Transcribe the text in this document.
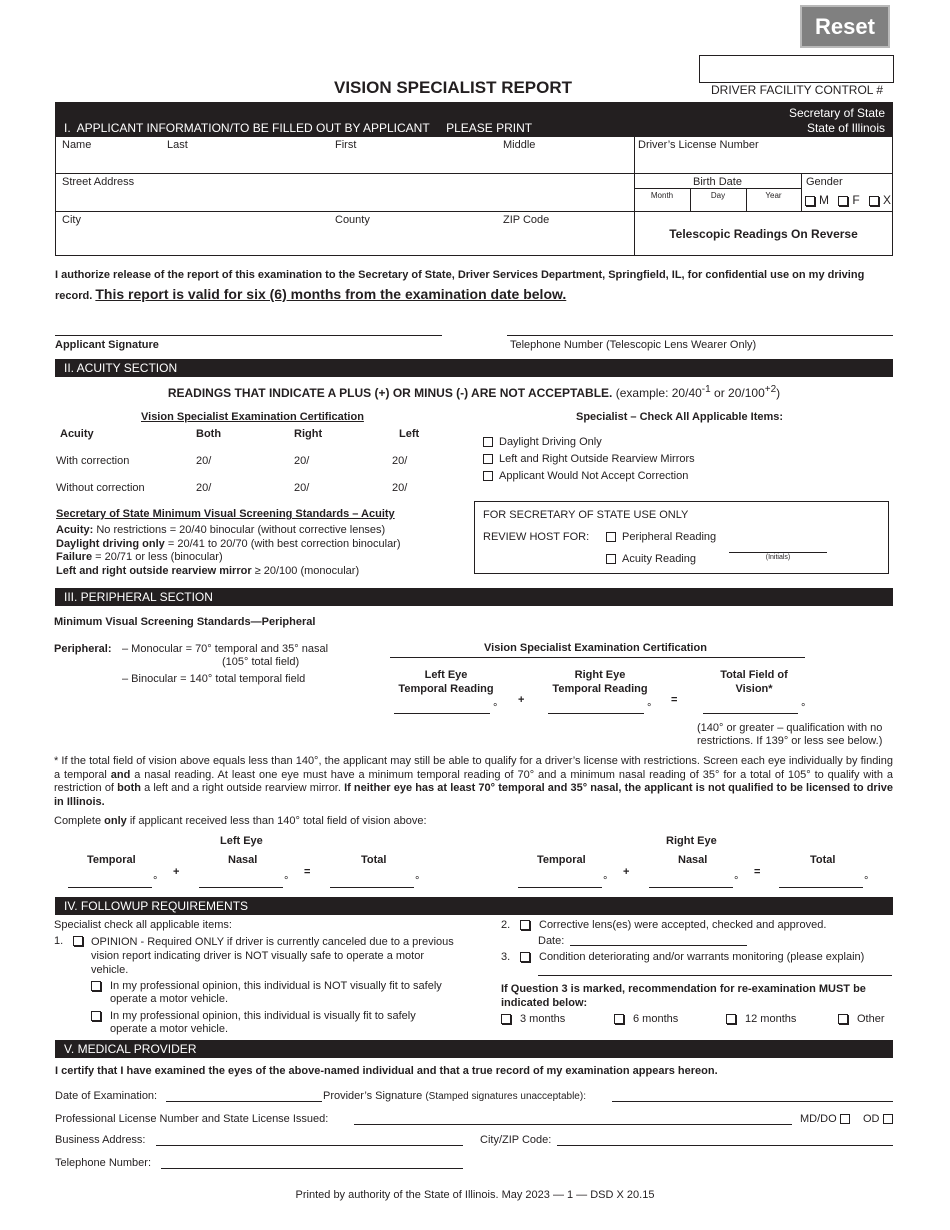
Reset
DRIVER FACILITY CONTROL #
VISION SPECIALIST REPORT
I.  APPLICANT INFORMATION/TO BE FILLED OUT BY APPLICANT     PLEASE PRINT
Secretary of State
State of Illinois
Name	Last	First	Middle	Driver’s License Number
Street Address	Birth Date
Month	Day	Year
Gender
M F X
City	County	ZIP Code
Telescopic Readings On Reverse
I authorize release of the report of this examination to the Secretary of State, Driver Services Department, Springfield, IL, for confidential use on my driving record. This report is valid for six (6) months from the examination date below.
Applicant Signature	Telephone Number (Telescopic Lens Wearer Only)
II. ACUITY SECTION
READINGS THAT INDICATE A PLUS (+) OR MINUS (-) ARE NOT ACCEPTABLE. (example: $20/40^{-1}$ or $20/100^{+2}$)
Vision Specialist Examination Certification
Acuity	Both	Right	Left
With correction	20/	20/	20/
Without correction	20/	20/	20/
Specialist – Check All Applicable Items:
Daylight Driving Only
Left and Right Outside Rearview Mirrors
Applicant Would Not Accept Correction
Secretary of State Minimum Visual Screening Standards – Acuity
Acuity: No restrictions = 20/40 binocular (without corrective lenses)
Daylight driving only = 20/41 to 20/70 (with best correction binocular)
Failure = 20/71 or less (binocular)
Left and right outside rearview mirror ≥ 20/100 (monocular)
FOR SECRETARY OF STATE USE ONLY
REVIEW HOST FOR:	Peripheral Reading
Acuity Reading	(Initials)
III. PERIPHERAL SECTION
Minimum Visual Screening Standards—Peripheral
Peripheral: – Monocular = 70° temporal and 35° nasal
(105° total field)
– Binocular = 140° total temporal field
Vision Specialist Examination Certification
Left Eye
Temporal Reading
Right Eye
Temporal Reading
Total Field of
Vision*
+	=
°	°	°
(140° or greater – qualification with no
restrictions. If 139° or less see below.)
* If the total field of vision above equals less than 140°, the applicant may still be able to qualify for a driver’s license with restrictions. Screen each eye individually by finding a temporal and a nasal reading. At least one eye must have a minimum temporal reading of 70° and a minimum nasal reading of 35° for a total of 105° to qualify with a restriction of both a left and a right outside rearview mirror. If neither eye has at least 70° temporal and 35° nasal, the applicant is not qualified to be licensed to drive in Illinois.
Complete only if applicant received less than 140° total field of vision above:
Left Eye	Right Eye
Temporal	Nasal	Total
+	=
°	°	°
Temporal	Nasal	Total
+	=
°	°	°
IV. FOLLOWUP REQUIREMENTS
Specialist check all applicable items:
1.	OPINION - Required ONLY if driver is currently canceled due to a previous vision report indicating driver is NOT visually safe to operate a motor vehicle.
In my professional opinion, this individual is NOT visually fit to safely operate a motor vehicle.
In my professional opinion, this individual is visually fit to safely operate a motor vehicle.
2.	Corrective lens(es) were accepted, checked and approved.
Date:
3.	Condition deteriorating and/or warrants monitoring (please explain)
If Question 3 is marked, recommendation for re-examination MUST be indicated below:
3 months	6 months	12 months	Other
V. MEDICAL PROVIDER
I certify that I have examined the eyes of the above-named individual and that a true record of my examination appears hereon.
Date of Examination:	Provider’s Signature (Stamped signatures unacceptable):
Professional License Number and State License Issued:	MD/DO	OD
Business Address:	City/ZIP Code:
Telephone Number:
Printed by authority of the State of Illinois. May 2023 — 1 — DSD X 20.15
